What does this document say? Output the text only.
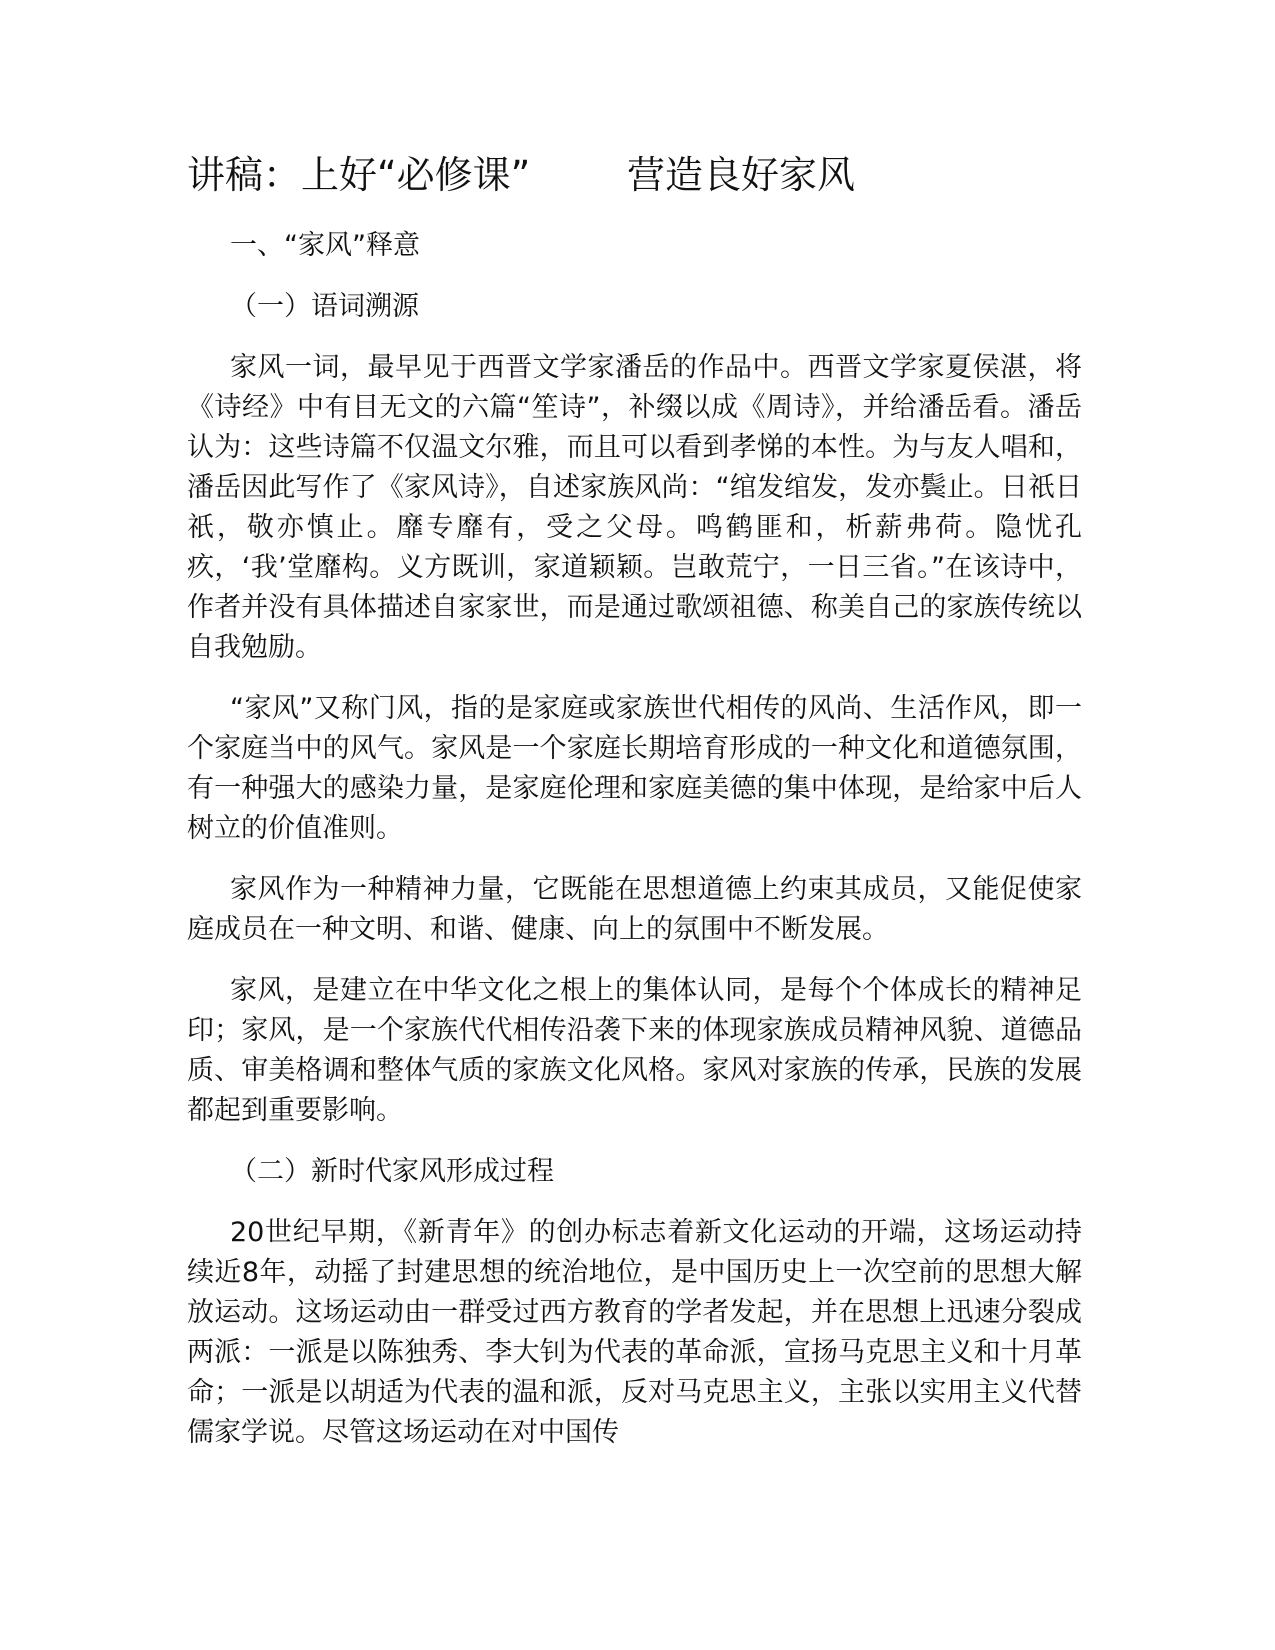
讲稿：上好“必修课”        营造良好家风

一、“家风”释意

（一）语词溯源

家风一词，最早见于西晋文学家潘岳的作品中。西晋文学家夏侯湛，将《诗经》中有目无文的六篇“笙诗”，补缀以成《周诗》，并给潘岳看。潘岳认为：这些诗篇不仅温文尔雅，而且可以看到孝悌的本性。为与友人唱和，潘岳因此写作了《家风诗》，自述家族风尚：“绾发绾发，发亦鬓止。日祇日祇，敬亦慎止。靡专靡有，受之父母。鸣鹤匪和，析薪弗荷。隐忧孔疚，‘我’堂靡构。义方既训，家道颖颖。岂敢荒宁，一日三省。”在该诗中，作者并没有具体描述自家家世，而是通过歌颂祖德、称美自己的家族传统以自我勉励。

“家风”又称门风，指的是家庭或家族世代相传的风尚、生活作风，即一个家庭当中的风气。家风是一个家庭长期培育形成的一种文化和道德氛围，有一种强大的感染力量，是家庭伦理和家庭美德的集中体现，是给家中后人树立的价值准则。

家风作为一种精神力量，它既能在思想道德上约束其成员，又能促使家庭成员在一种文明、和谐、健康、向上的氛围中不断发展。

家风，是建立在中华文化之根上的集体认同，是每个个体成长的精神足印；家风，是一个家族代代相传沿袭下来的体现家族成员精神风貌、道德品质、审美格调和整体气质的家族文化风格。家风对家族的传承，民族的发展都起到重要影响。

（二）新时代家风形成过程

20世纪早期，《新青年》的创办标志着新文化运动的开端，这场运动持续近8年，动摇了封建思想的统治地位，是中国历史上一次空前的思想大解放运动。这场运动由一群受过西方教育的学者发起，并在思想上迅速分裂成两派：一派是以陈独秀、李大钊为代表的革命派，宣扬马克思主义和十月革命；一派是以胡适为代表的温和派，反对马克思主义，主张以实用主义代替儒家学说。尽管这场运动在对中国传
